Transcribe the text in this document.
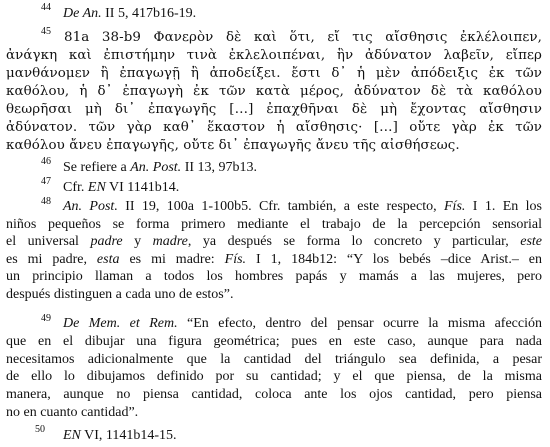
44 De An. II 5, 417b16-19.
45 81a 38-b9 Φανερὸν δὲ καὶ ὅτι, εἴ τις αἴσθησις ἐκλέλοιπεν,
ἀνάγκη καὶ ἐπιστήμην τινὰ ἐκλελοιπέναι, ἣν ἀδύνατον λαβεῖν, εἴπερ
μανθάνομεν ἢ ἐπαγωγῇ ἢ ἀποδείξει. ἔστι δ᾽ ἡ μὲν ἀπόδειξις ἐκ τῶν
καθόλου, ἡ δ᾽ ἐπαγωγὴ ἐκ τῶν κατὰ μέρος, ἀδύνατον δὲ τὰ καθόλου
θεωρῆσαι μὴ δι᾽ ἐπαγωγῆς […] ἐπαχθῆναι δὲ μὴ ἔχοντας αἴσθησιν
ἀδύνατον. τῶν γὰρ καθ᾽ ἕκαστον ἡ αἴσθησις· […] οὔτε γὰρ ἐκ τῶν
καθόλου ἄνευ ἐπαγωγῆς, οὔτε δι᾽ ἐπαγωγῆς ἄνευ τῆς αἰσθήσεως.
46 Se refiere a An. Post. II 13, 97b13.
47 Cfr. EN VI 1141b14.
48 An. Post. II 19, 100a 1-100b5. Cfr. también, a este respecto, Fís. I 1. En los
niños pequeños se forma primero mediante el trabajo de la percepción sensorial
el universal padre y madre, ya después se forma lo concreto y particular, este
es mi padre, esta es mi madre: Fís. I 1, 184b12: “Y los bebés –dice Arist.– en
un principio llaman a todos los hombres papás y mamás a las mujeres, pero
después distinguen a cada uno de estos”.
49 De Mem. et Rem. “En efecto, dentro del pensar ocurre la misma afección
que en el dibujar una figura geométrica; pues en este caso, aunque para nada
necesitamos adicionalmente que la cantidad del triángulo sea definida, a pesar
de ello lo dibujamos definido por su cantidad; y el que piensa, de la misma
manera, aunque no piensa cantidad, coloca ante los ojos cantidad, pero piensa
no en cuanto cantidad”.
50 EN VI, 1141b14-15.
